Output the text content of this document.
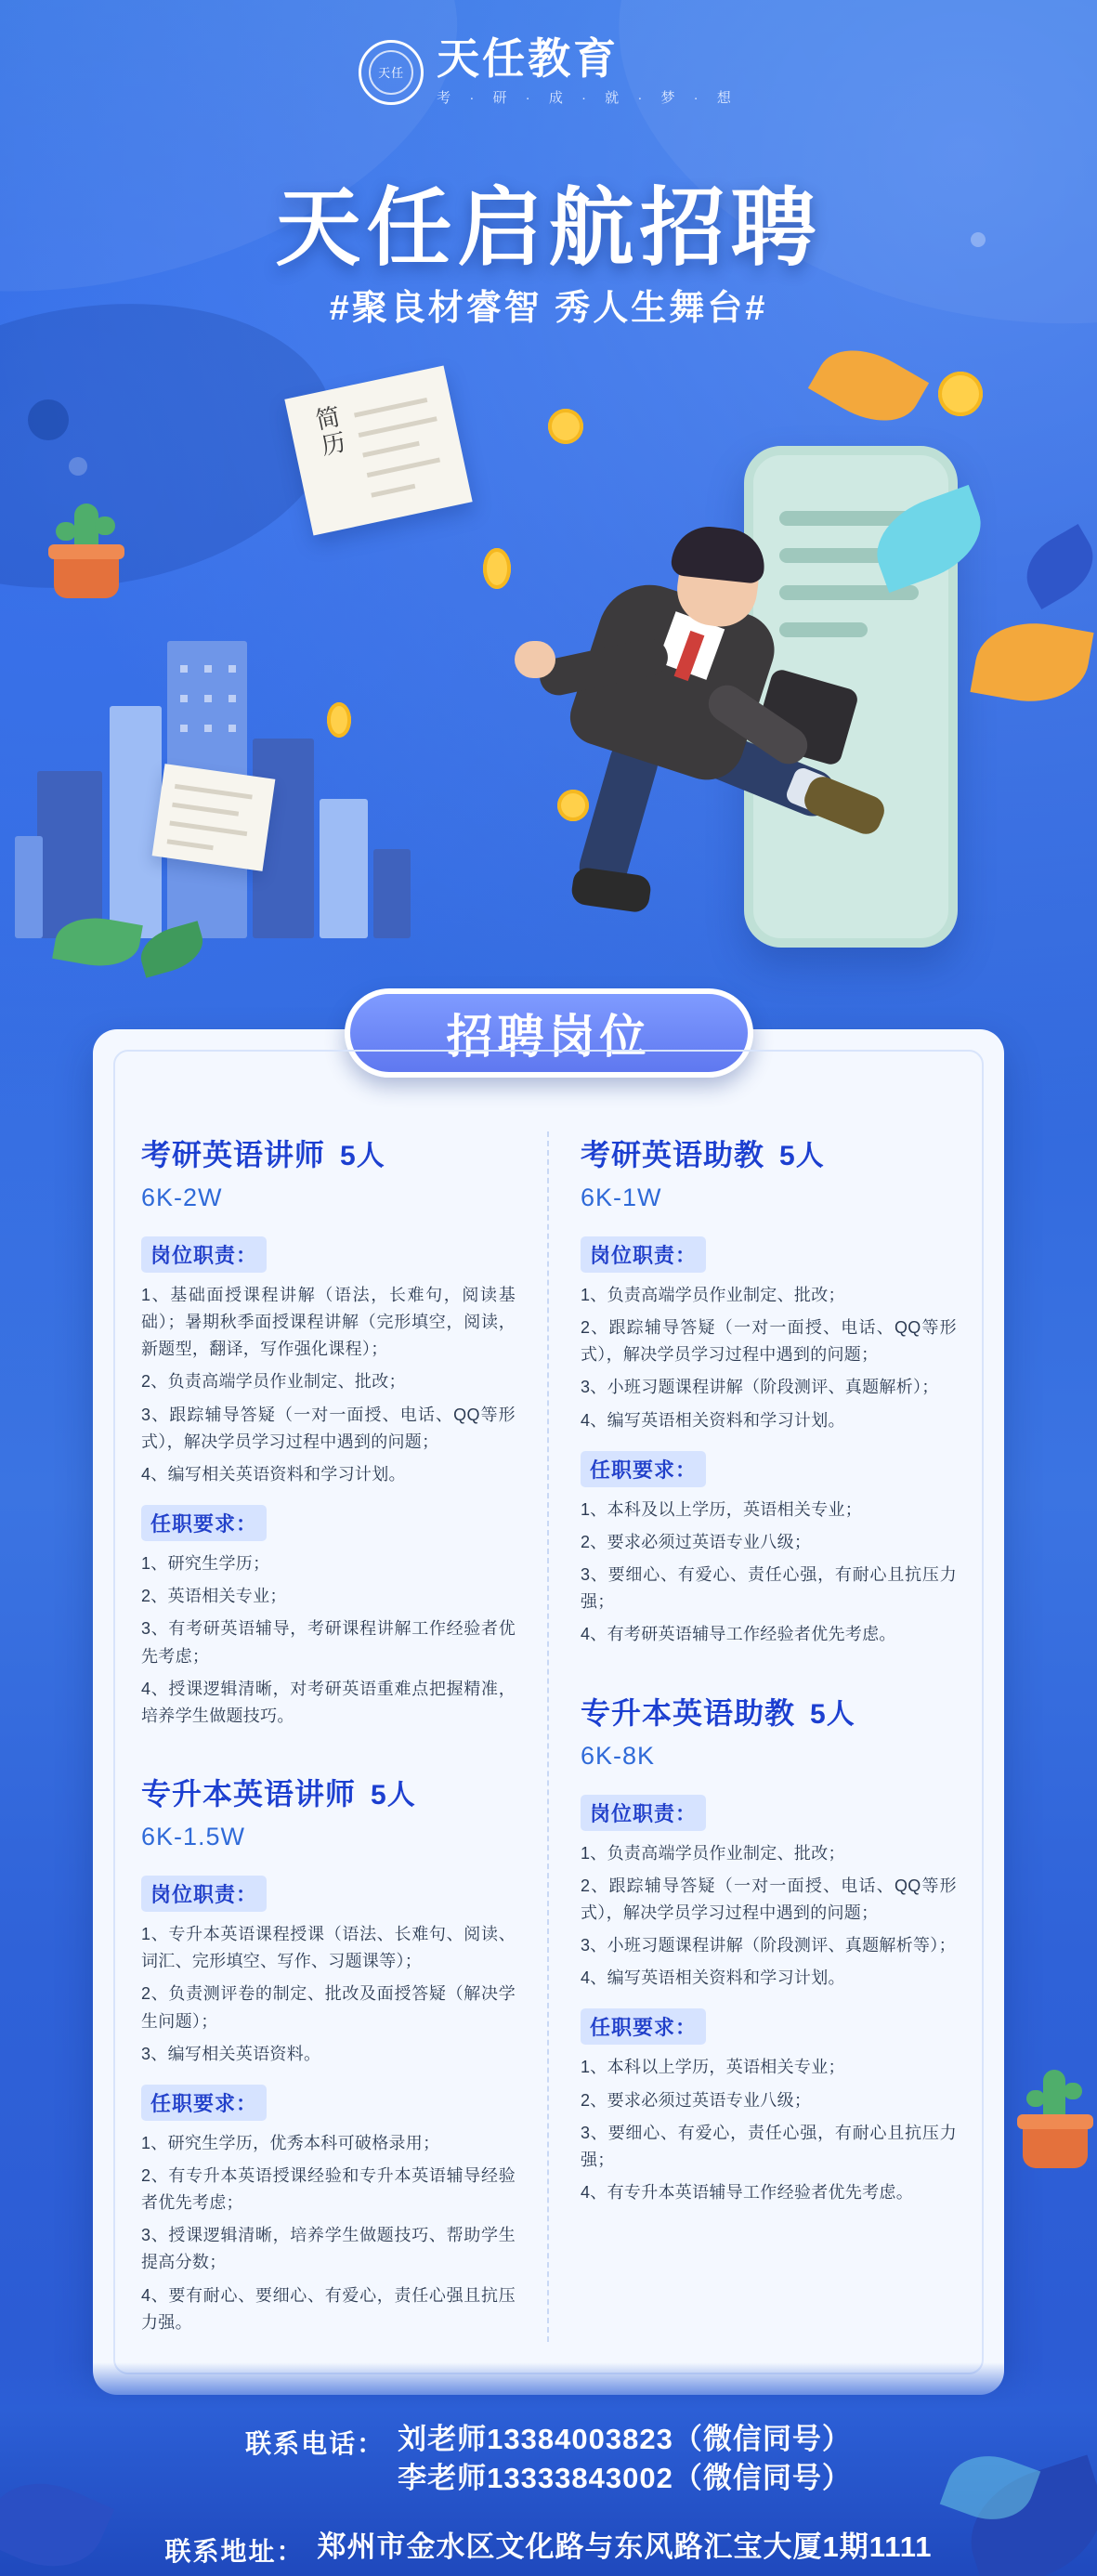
天任 天任教育
考 · 研 · 成 · 就 · 梦 · 想
天任启航招聘
#聚良材睿智 秀人生舞台#
简历
招聘岗位
考研英语讲师 5人
6K-2W
岗位职责：
1、基础面授课程讲解（语法，长难句，阅读基础）；暑期秋季面授课程讲解（完形填空，阅读，新题型，翻译，写作强化课程）；
2、负责高端学员作业制定、批改；
3、跟踪辅导答疑（一对一面授、电话、QQ等形式），解决学员学习过程中遇到的问题；
4、编写相关英语资料和学习计划。
任职要求：
1、研究生学历；
2、英语相关专业；
3、有考研英语辅导，考研课程讲解工作经验者优先考虑；
4、授课逻辑清晰，对考研英语重难点把握精准，培养学生做题技巧。
专升本英语讲师 5人
6K-1.5W
岗位职责：
1、专升本英语课程授课（语法、长难句、阅读、词汇、完形填空、写作、习题课等）；
2、负责测评卷的制定、批改及面授答疑（解决学生问题）；
3、编写相关英语资料。
任职要求：
1、研究生学历，优秀本科可破格录用；
2、有专升本英语授课经验和专升本英语辅导经验者优先考虑；
3、授课逻辑清晰，培养学生做题技巧、帮助学生提高分数；
4、要有耐心、要细心、有爱心，责任心强且抗压力强。
考研英语助教 5人
6K-1W
岗位职责：
1、负责高端学员作业制定、批改；
2、跟踪辅导答疑（一对一面授、电话、QQ等形式），解决学员学习过程中遇到的问题；
3、小班习题课程讲解（阶段测评、真题解析）；
4、编写英语相关资料和学习计划。
任职要求：
1、本科及以上学历，英语相关专业；
2、要求必须过英语专业八级；
3、要细心、有爱心、责任心强，有耐心且抗压力强；
4、有考研英语辅导工作经验者优先考虑。
专升本英语助教 5人
6K-8K
岗位职责：
1、负责高端学员作业制定、批改；
2、跟踪辅导答疑（一对一面授、电话、QQ等形式），解决学员学习过程中遇到的问题；
3、小班习题课程讲解（阶段测评、真题解析等）；
4、编写英语相关资料和学习计划。
任职要求：
1、本科以上学历，英语相关专业；
2、要求必须过英语专业八级；
3、要细心、有爱心，责任心强，有耐心且抗压力强；
4、有专升本英语辅导工作经验者优先考虑。
联系电话： 刘老师13384003823（微信同号）
李老师13333843002（微信同号）
联系地址： 郑州市金水区文化路与东风路汇宝大厦1期1111
